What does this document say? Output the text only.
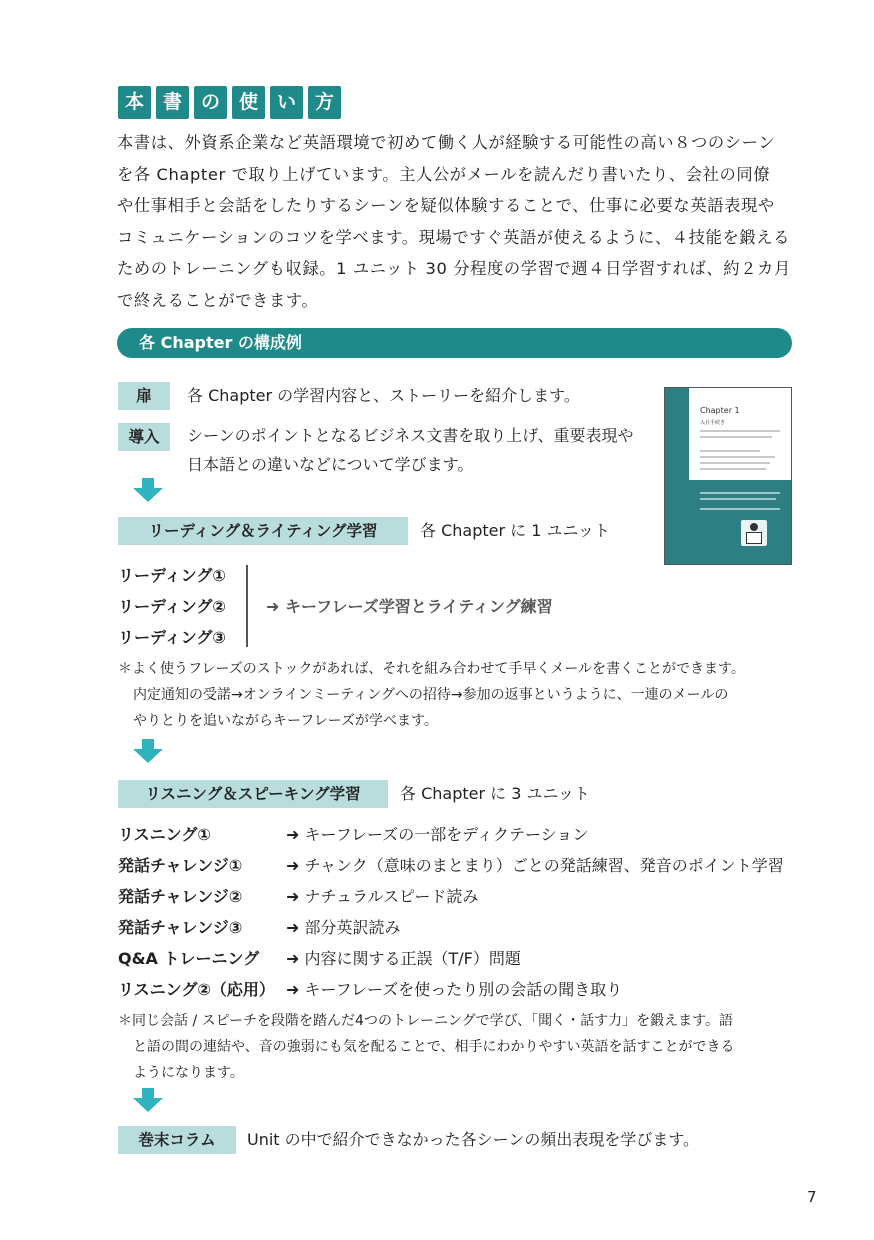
本 書 の 使 い 方
本書は、外資系企業など英語環境で初めて働く人が経験する可能性の高い８つのシーン
を各 Chapter で取り上げています。主人公がメールを読んだり書いたり、会社の同僚
や仕事相手と会話をしたりするシーンを疑似体験することで、仕事に必要な英語表現や
コミュニケーションのコツを学べます。現場ですぐ英語が使えるように、４技能を鍛える
ためのトレーニングも収録。1 ユニット 30 分程度の学習で週４日学習すれば、約２カ月
で終えることができます。
各 Chapter の構成例
扉	各 Chapter の学習内容と、ストーリーを紹介します。
導入	シーンのポイントとなるビジネス文書を取り上げ、重要表現や
日本語との違いなどについて学びます。
Chapter 1
入社手続き
リーディング＆ライティング学習	各 Chapter に 1 ユニット
リーディング①
リーディング②
リーディング③
➜ キーフレーズ学習とライティング練習
＊よく使うフレーズのストックがあれば、それを組み合わせて手早くメールを書くことができます。
内定通知の受諾→オンラインミーティングへの招待→参加の返事というように、一連のメールの
やりとりを追いながらキーフレーズが学べます。
リスニング＆スピーキング学習	各 Chapter に 3 ユニット
リスニング①	➜ キーフレーズの一部をディクテーション
発話チャレンジ①	➜ チャンク（意味のまとまり）ごとの発話練習、発音のポイント学習
発話チャレンジ②	➜ ナチュラルスピード読み
発話チャレンジ③	➜ 部分英訳読み
Q&A トレーニング ➜ 内容に関する正誤（T/F）問題
リスニング②（応用） ➜ キーフレーズを使ったり別の会話の聞き取り
＊同じ会話 / スピーチを段階を踏んだ4つのトレーニングで学び、「聞く・話す力」を鍛えます。語
と語の間の連結や、音の強弱にも気を配ることで、相手にわかりやすい英語を話すことができる
ようになります。
巻末コラム	Unit の中で紹介できなかった各シーンの頻出表現を学びます。
7
